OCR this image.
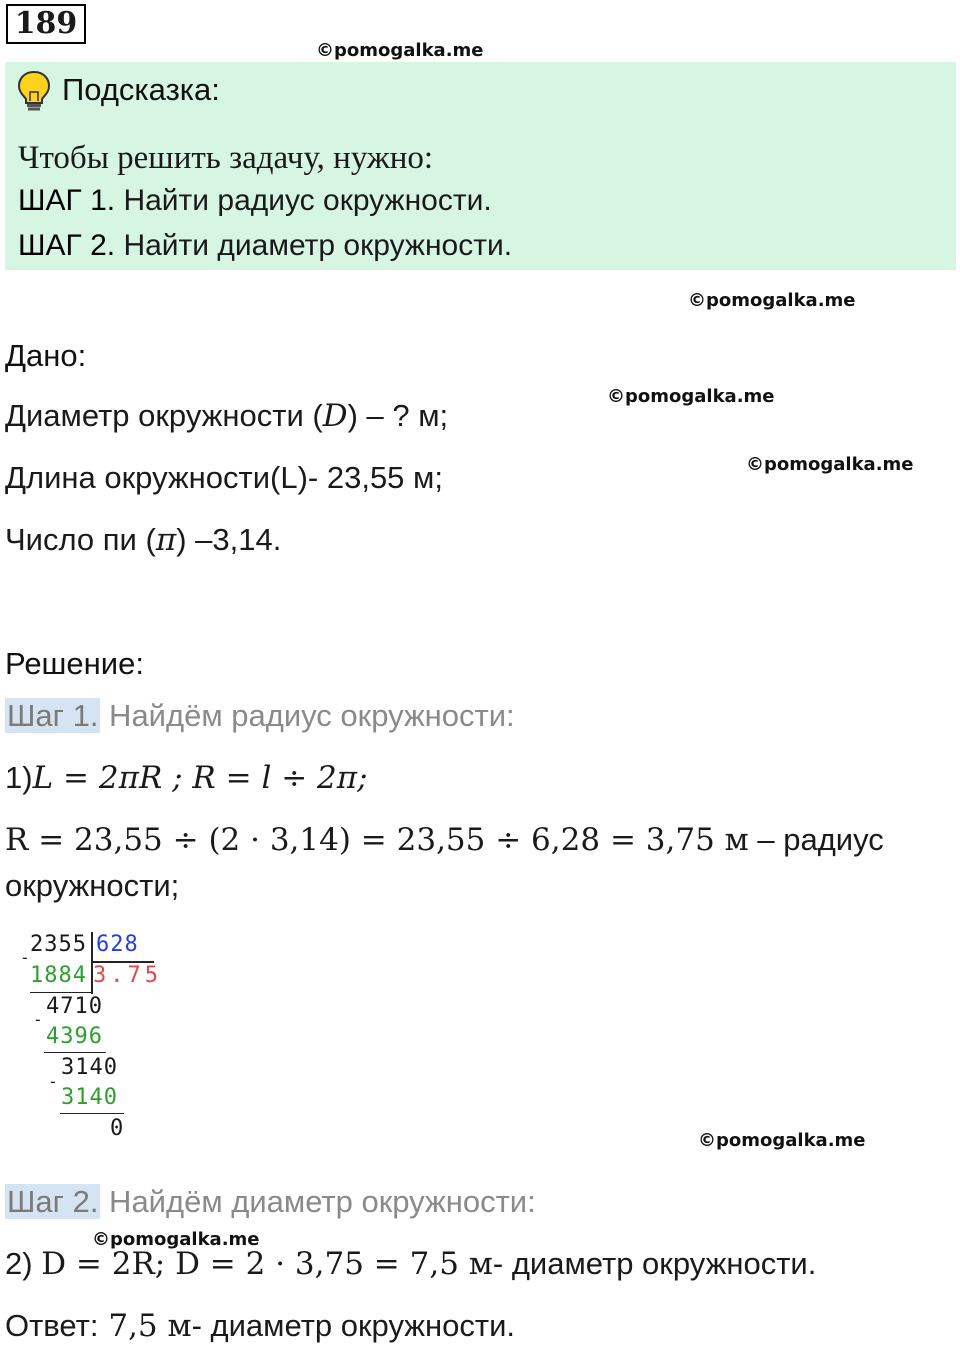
189
©pomogalka.me
Подсказка:
Чтобы решить задачу, нужно:
ШАГ 1. Найти радиус окружности.
ШАГ 2. Найти диаметр окружности.
©pomogalka.me
Дано:
©pomogalka.me
Диаметр окружности (D) – ? м;
©pomogalka.me
Длина окружности(L)- 23,55 м;
Число пи (π) –3,14.
Решение:
Шаг 1. Найдём радиус окружности:
1)L = 2πR ; R = l ÷ 2π;
R = 23,55 ÷ (2 · 3,14) = 23,55 ÷ 6,28 = 3,75 м – радиус
окружности;
2355 628
-
1884 3.75
4710
-
4396
3140
-
3140
0	©pomogalka.me
Шаг 2. Найдём диаметр окружности:
©pomogalka.me
2) D = 2R; D = 2 · 3,75 = 7,5 м- диаметр окружности.
Ответ: 7,5 м- диаметр окружности.
